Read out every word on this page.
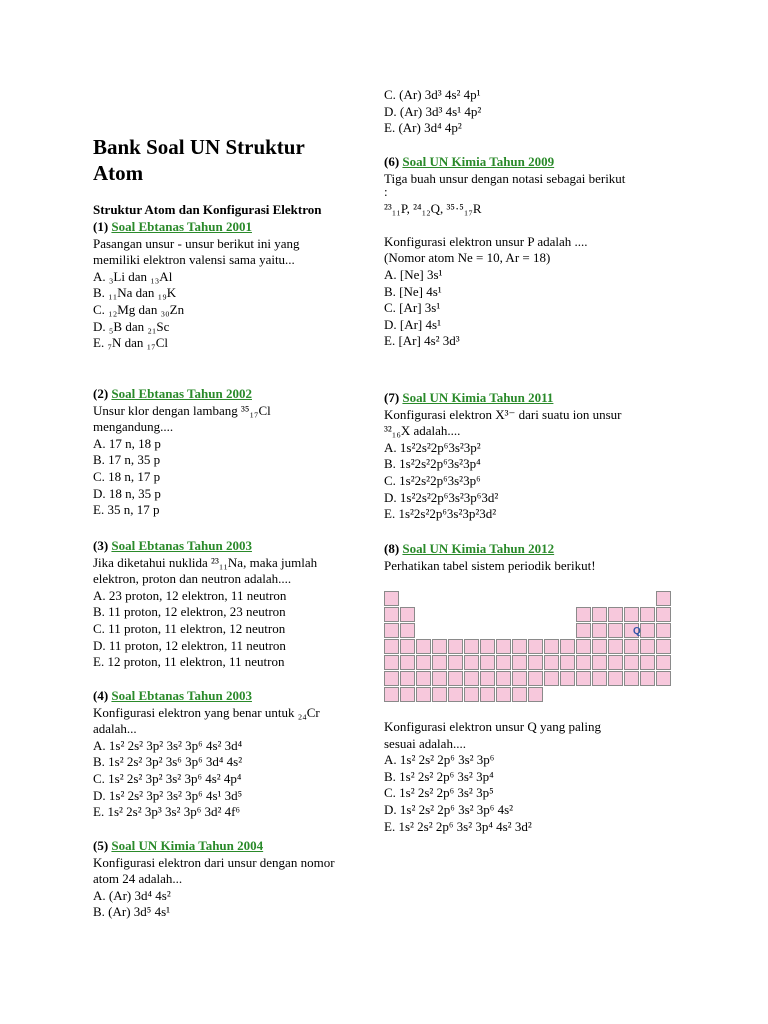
Bank Soal UN Struktur
Atom
Struktur Atom dan Konfigurasi Elektron
(1) Soal Ebtanas Tahun 2001
Pasangan unsur - unsur berikut ini yang
memiliki elektron valensi sama yaitu...
A. ₃Li dan ₁₃Al
B. ₁₁Na dan ₁₉K
C. ₁₂Mg dan ₃₀Zn
D. ₅B dan ₂₁Sc
E. ₇N dan ₁₇Cl
(2) Soal Ebtanas Tahun 2002
Unsur klor dengan lambang ³⁵₁₇Cl
mengandung....
A. 17 n, 18 p
B. 17 n, 35 p
C. 18 n, 17 p
D. 18 n, 35 p
E. 35 n, 17 p
(3) Soal Ebtanas Tahun 2003
Jika diketahui nuklida ²³₁₁Na, maka jumlah
elektron, proton dan neutron adalah....
A. 23 proton, 12 elektron, 11 neutron
B. 11 proton, 12 elektron, 23 neutron
C. 11 proton, 11 elektron, 12 neutron
D. 11 proton, 12 elektron, 11 neutron
E. 12 proton, 11 elektron, 11 neutron
(4) Soal Ebtanas Tahun 2003
Konfigurasi elektron yang benar untuk ₂₄Cr
adalah...
A. 1s² 2s² 3p² 3s² 3p⁶ 4s² 3d⁴
B. 1s² 2s² 3p² 3s⁶ 3p⁶ 3d⁴ 4s²
C. 1s² 2s² 3p² 3s² 3p⁶ 4s² 4p⁴
D. 1s² 2s² 3p² 3s² 3p⁶ 4s¹ 3d⁵
E. 1s² 2s² 3p³ 3s² 3p⁶ 3d² 4f⁶
(5) Soal UN Kimia Tahun 2004
Konfigurasi elektron dari unsur dengan nomor
atom 24 adalah...
A. (Ar) 3d⁴ 4s²
B. (Ar) 3d⁵ 4s¹
C. (Ar) 3d³ 4s² 4p¹
D. (Ar) 3d³ 4s¹ 4p²
E. (Ar) 3d⁴ 4p²
(6) Soal UN Kimia Tahun 2009
Tiga buah unsur dengan notasi sebagai berikut
:
²³₁₁P, ²⁴₁₂Q, ³⁵·⁵₁₇R
Konfigurasi elektron unsur P adalah ....
(Nomor atom Ne = 10, Ar = 18)
A. [Ne] 3s¹
B. [Ne] 4s¹
C. [Ar] 3s¹
D. [Ar] 4s¹
E. [Ar] 4s² 3d³
(7) Soal UN Kimia Tahun 2011
Konfigurasi elektron X³⁻ dari suatu ion unsur
³²₁₆X adalah....
A. 1s²2s²2p⁶3s²3p²
B. 1s²2s²2p⁶3s²3p⁴
C. 1s²2s²2p⁶3s²3p⁶
D. 1s²2s²2p⁶3s²3p⁶3d²
E. 1s²2s²2p⁶3s²3p²3d²
(8) Soal UN Kimia Tahun 2012
Perhatikan tabel sistem periodik berikut!
Q
Konfigurasi elektron unsur Q yang paling
sesuai adalah....
A. 1s² 2s² 2p⁶ 3s² 3p⁶
B. 1s² 2s² 2p⁶ 3s² 3p⁴
C. 1s² 2s² 2p⁶ 3s² 3p⁵
D. 1s² 2s² 2p⁶ 3s² 3p⁶ 4s²
E. 1s² 2s² 2p⁶ 3s² 3p⁴ 4s² 3d²
